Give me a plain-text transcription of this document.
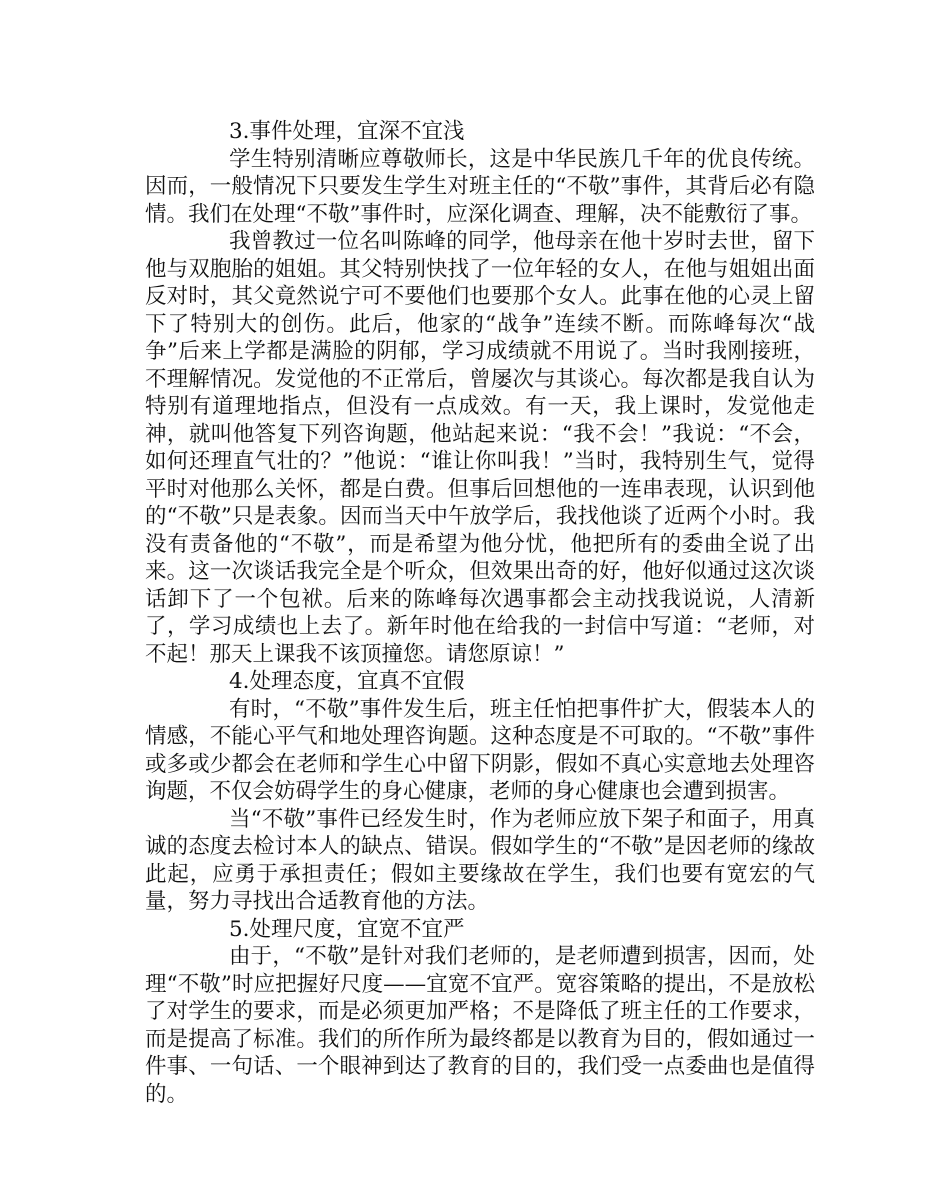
3.事件处理，宜深不宜浅

学生特别清晰应尊敬师长，这是中华民族几千年的优良传统。因而，一般情况下只要发生学生对班主任的“不敬”事件，其背后必有隐情。我们在处理“不敬”事件时，应深化调查、理解，决不能敷衍了事。

我曾教过一位名叫陈峰的同学，他母亲在他十岁时去世，留下他与双胞胎的姐姐。其父特别快找了一位年轻的女人，在他与姐姐出面反对时，其父竟然说宁可不要他们也要那个女人。此事在他的心灵上留下了特别大的创伤。此后，他家的“战争”连续不断。而陈峰每次“战争”后来上学都是满脸的阴郁，学习成绩就不用说了。当时我刚接班，不理解情况。发觉他的不正常后，曾屡次与其谈心。每次都是我自认为特别有道理地指点，但没有一点成效。有一天，我上课时，发觉他走神，就叫他答复下列咨询题，他站起来说：“我不会！”我说：“不会，如何还理直气壮的？”他说：“谁让你叫我！”当时，我特别生气，觉得平时对他那么关怀，都是白费。但事后回想他的一连串表现，认识到他的“不敬”只是表象。因而当天中午放学后，我找他谈了近两个小时。我没有责备他的“不敬”，而是希望为他分忧，他把所有的委曲全说了出来。这一次谈话我完全是个听众，但效果出奇的好，他好似通过这次谈话卸下了一个包袱。后来的陈峰每次遇事都会主动找我说说，人清新了，学习成绩也上去了。新年时他在给我的一封信中写道：“老师，对不起！那天上课我不该顶撞您。请您原谅！”

4.处理态度，宜真不宜假

有时，“不敬”事件发生后，班主任怕把事件扩大，假装本人的情感，不能心平气和地处理咨询题。这种态度是不可取的。“不敬”事件或多或少都会在老师和学生心中留下阴影，假如不真心实意地去处理咨询题，不仅会妨碍学生的身心健康，老师的身心健康也会遭到损害。

当“不敬”事件已经发生时，作为老师应放下架子和面子，用真诚的态度去检讨本人的缺点、错误。假如学生的“不敬”是因老师的缘故此起，应勇于承担责任；假如主要缘故在学生，我们也要有宽宏的气量，努力寻找出合适教育他的方法。

5.处理尺度，宜宽不宜严

由于，“不敬”是针对我们老师的，是老师遭到损害，因而，处理“不敬”时应把握好尺度——宜宽不宜严。宽容策略的提出，不是放松了对学生的要求，而是必须更加严格；不是降低了班主任的工作要求，而是提高了标准。我们的所作所为最终都是以教育为目的，假如通过一件事、一句话、一个眼神到达了教育的目的，我们受一点委曲也是值得的。
